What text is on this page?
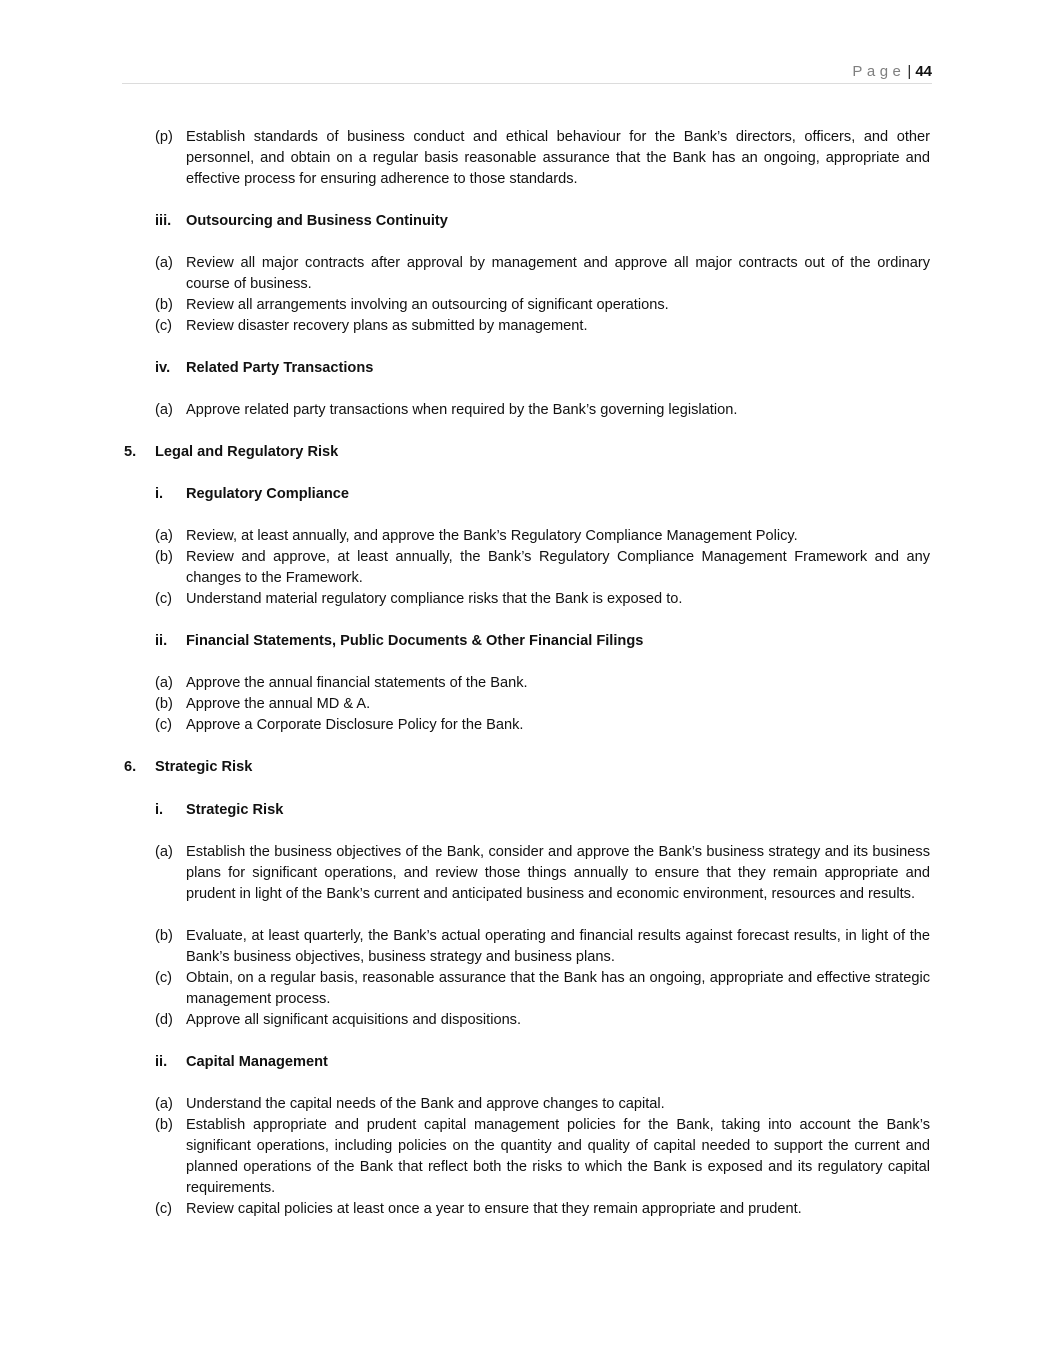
Page | 44
(p) Establish standards of business conduct and ethical behaviour for the Bank’s directors, officers, and other personnel, and obtain on a regular basis reasonable assurance that the Bank has an ongoing, appropriate and effective process for ensuring adherence to those standards.
iii.	Outsourcing and Business Continuity
(a) Review all major contracts after approval by management and approve all major contracts out of the ordinary course of business.
(b) Review all arrangements involving an outsourcing of significant operations.
(c) Review disaster recovery plans as submitted by management.
iv.	Related Party Transactions
(a) Approve related party transactions when required by the Bank’s governing legislation.
5.	Legal and Regulatory Risk
i.	Regulatory Compliance
(a) Review, at least annually, and approve the Bank’s Regulatory Compliance Management Policy.
(b) Review and approve, at least annually, the Bank’s Regulatory Compliance Management Framework and any changes to the Framework.
(c) Understand material regulatory compliance risks that the Bank is exposed to.
ii.	Financial Statements, Public Documents & Other Financial Filings
(a) Approve the annual financial statements of the Bank.
(b) Approve the annual MD & A.
(c) Approve a Corporate Disclosure Policy for the Bank.
6.	Strategic Risk
i.	Strategic Risk
(a) Establish the business objectives of the Bank, consider and approve the Bank’s business strategy and its business plans for significant operations, and review those things annually to ensure that they remain appropriate and prudent in light of the Bank’s current and anticipated business and economic environment, resources and results.
(b) Evaluate, at least quarterly, the Bank’s actual operating and financial results against forecast results, in light of the Bank’s business objectives, business strategy and business plans.
(c) Obtain, on a regular basis, reasonable assurance that the Bank has an ongoing, appropriate and effective strategic management process.
(d) Approve all significant acquisitions and dispositions.
ii.	Capital Management
(a) Understand the capital needs of the Bank and approve changes to capital.
(b) Establish appropriate and prudent capital management policies for the Bank, taking into account the Bank’s significant operations, including policies on the quantity and quality of capital needed to support the current and planned operations of the Bank that reflect both the risks to which the Bank is exposed and its regulatory capital requirements.
(c) Review capital policies at least once a year to ensure that they remain appropriate and prudent.
